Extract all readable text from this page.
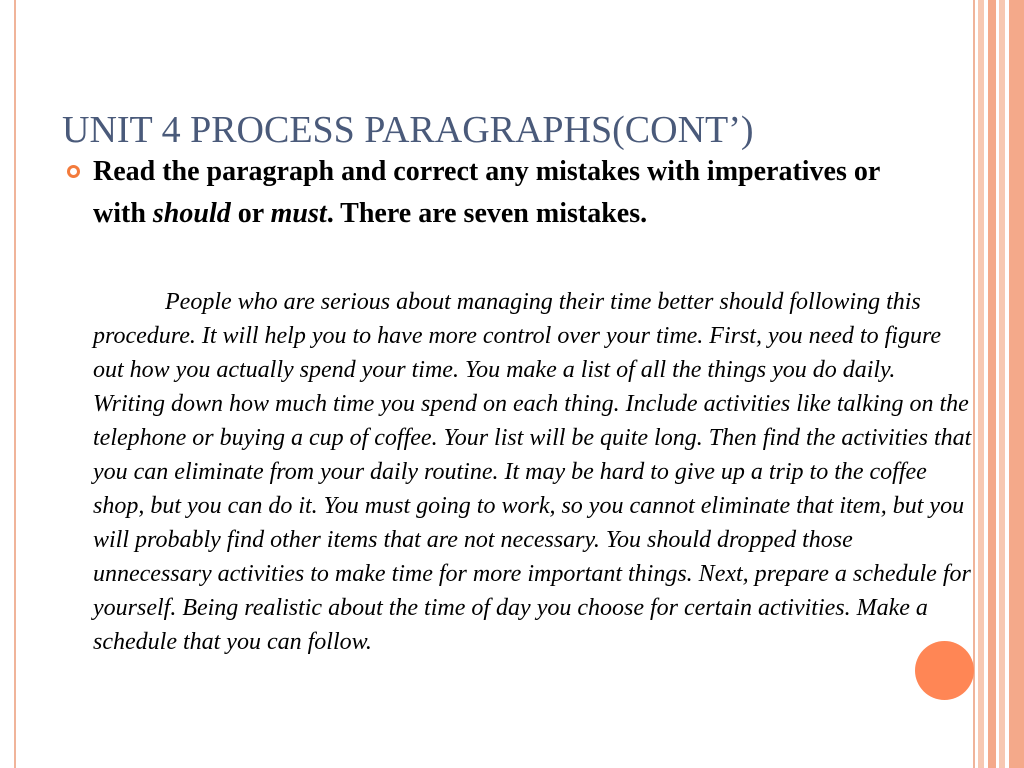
UNIT 4 PROCESS PARAGRAPHS(CONT’)
Read the paragraph and correct any mistakes with imperatives or with should or must. There are seven mistakes.
People who are serious about managing their time better should following this procedure. It will help you to have more control over your time. First, you need to figure out how you actually spend your time. You make a list of all the things you do daily. Writing down how much time you spend on each thing. Include activities like talking on the telephone or buying a cup of coffee. Your list will be quite long. Then find the activities that you can eliminate from your daily routine. It may be hard to give up a trip to the coffee shop, but you can do it. You must going to work, so you cannot eliminate that item, but you will probably find other items that are not necessary. You should dropped those unnecessary activities to make time for more important things. Next, prepare a schedule for yourself. Being realistic about the time of day you choose for certain activities. Make a schedule that you can follow.
